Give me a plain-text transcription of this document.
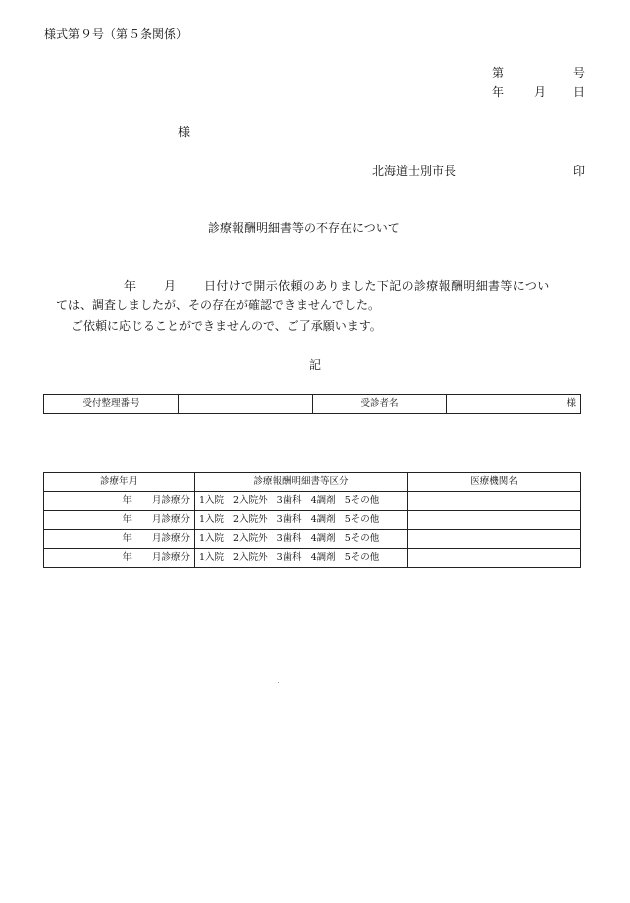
様式第９号（第５条関係）
第	号
年 月 日
様
北海道士別市長	印
診療報酬明細書等の不存在について
年 月 日付けで開示依頼のありました下記の診療報酬明細書等につい
ては、調査しましたが、その存在が確認できませんでした。
ご依頼に応じることができませんので、ご了承願います。
記
受付整理番号		受診者名	様
診療年月	診療報酬明細書等区分	医療機関名
年 月診療分	1入院 2入院外 3歯科 4調剤 5その他	
年 月診療分	1入院 2入院外 3歯科 4調剤 5その他	
年 月診療分	1入院 2入院外 3歯科 4調剤 5その他	
年 月診療分	1入院 2入院外 3歯科 4調剤 5その他	
